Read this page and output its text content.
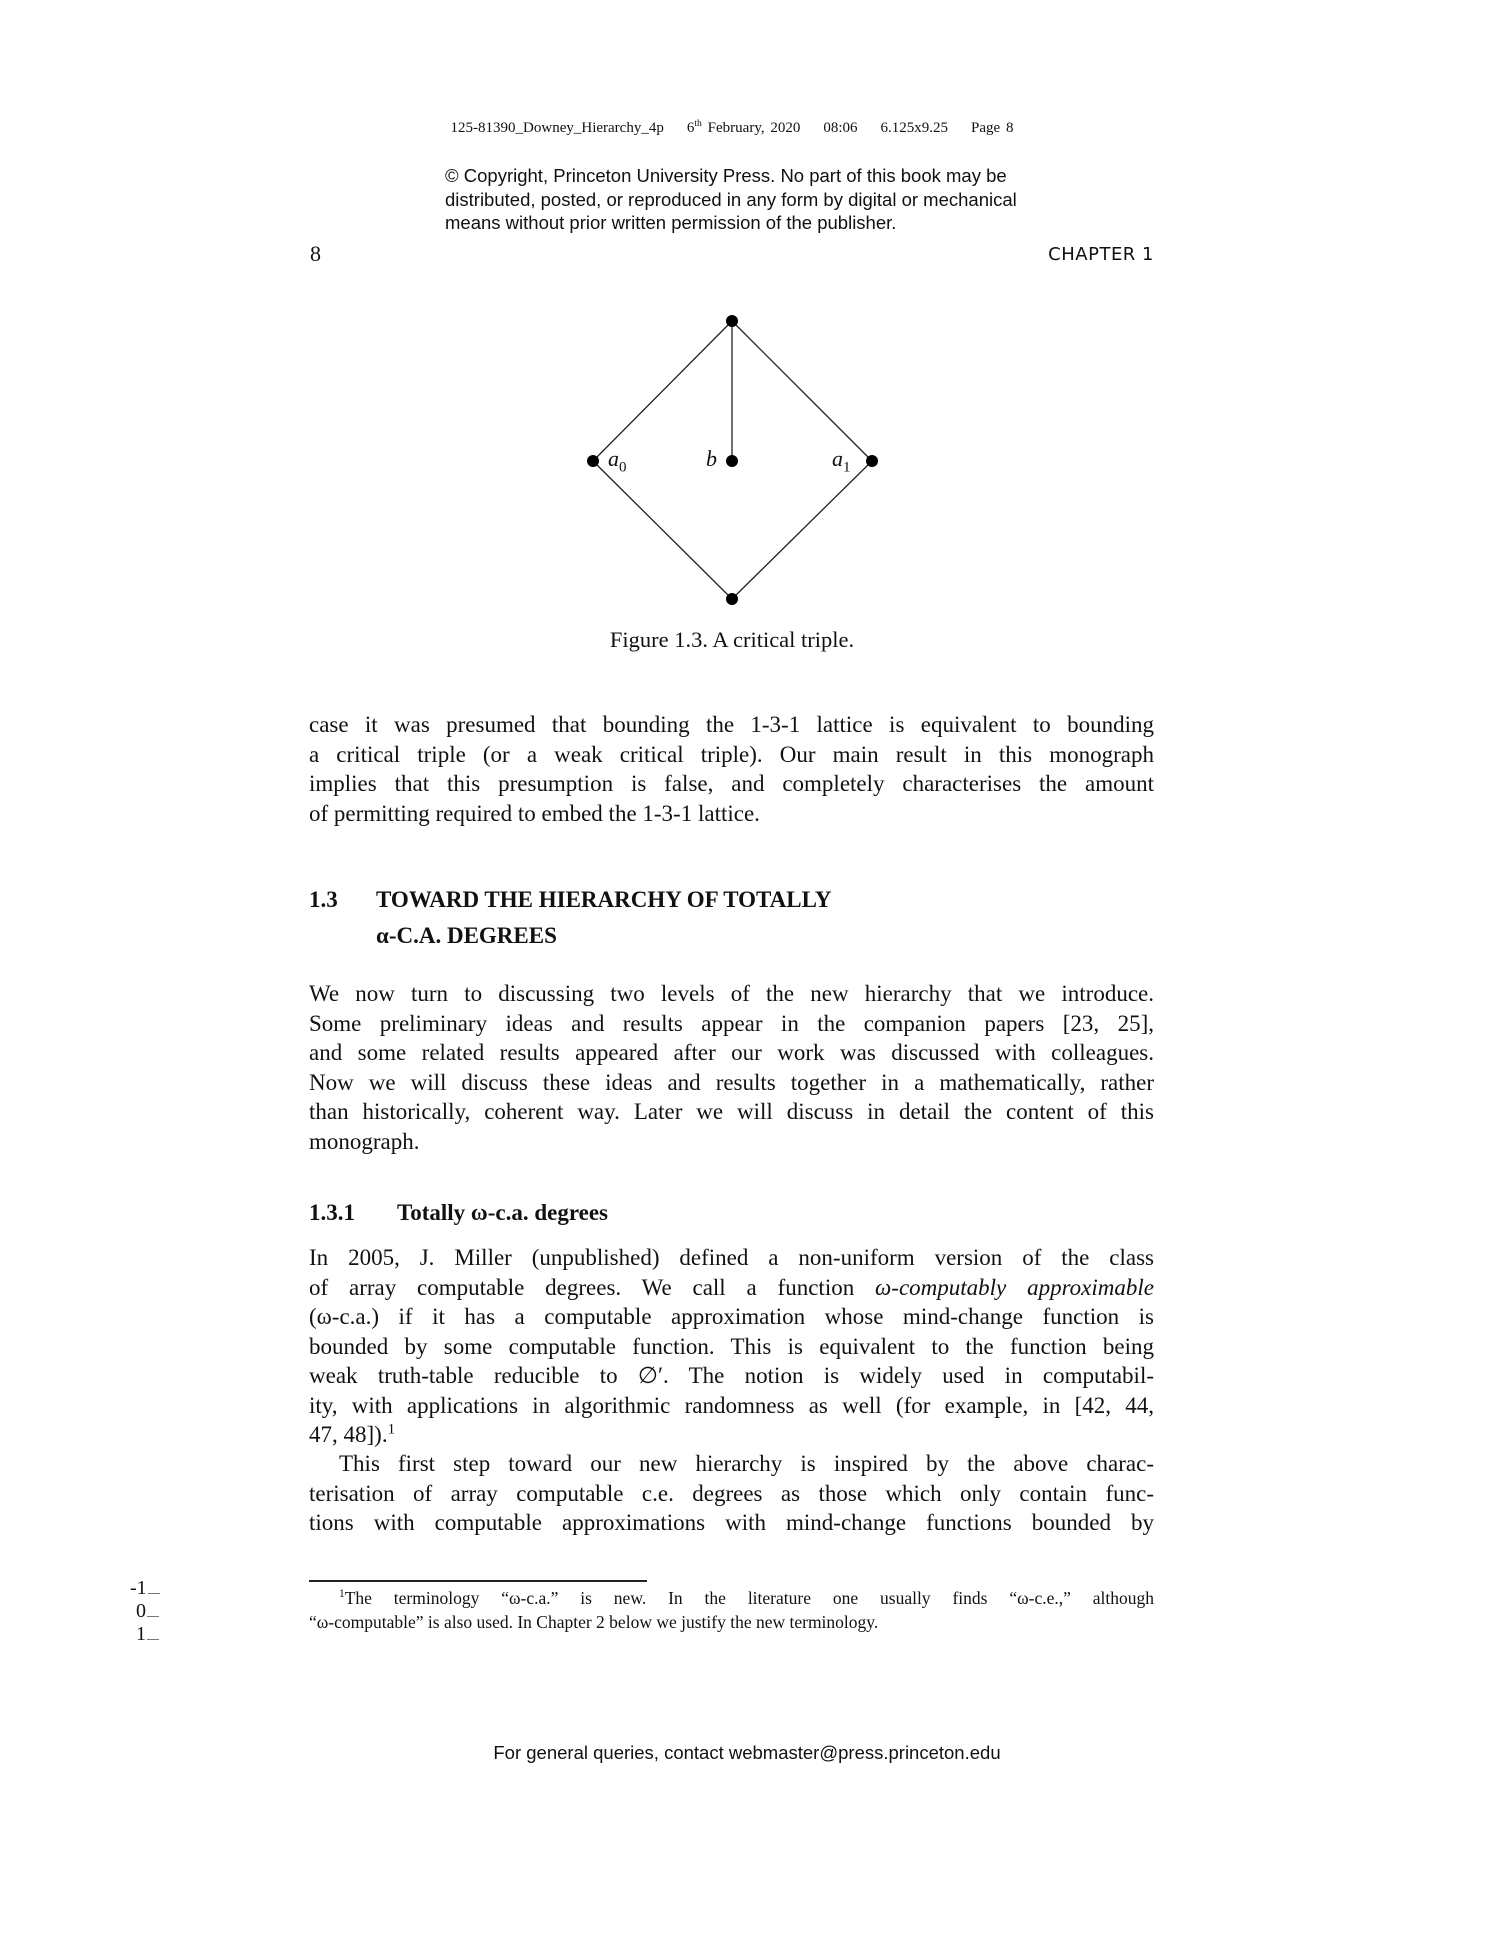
125-81390_Downey_Hierarchy_4p 6th February, 2020 08:06 6.125x9.25 Page 8
© Copyright, Princeton University Press. No part of this book may be
distributed, posted, or reproduced in any form by digital or mechanical
means without prior written permission of the publisher.
8	CHAPTER 1
$a_0$	b	$a_1$
Figure 1.3. A critical triple.
case it was presumed that bounding the 1-3-1 lattice is equivalent to bounding
a critical triple (or a weak critical triple). Our main result in this monograph
implies that this presumption is false, and completely characterises the amount
of permitting required to embed the 1-3-1 lattice.
1.3 TOWARD THE HIERARCHY OF TOTALLY
α-C.A. DEGREES
We now turn to discussing two levels of the new hierarchy that we introduce.
Some preliminary ideas and results appear in the companion papers [23, 25],
and some related results appeared after our work was discussed with colleagues.
Now we will discuss these ideas and results together in a mathematically, rather
than historically, coherent way. Later we will discuss in detail the content of this
monograph.
1.3.1 Totally ω-c.a. degrees
In 2005, J. Miller (unpublished) defined a non-uniform version of the class
of array computable degrees. We call a function ω-computably approximable
(ω-c.a.) if it has a computable approximation whose mind-change function is
bounded by some computable function. This is equivalent to the function being
weak truth-table reducible to ∅′. The notion is widely used in computabil-
ity, with applications in algorithmic randomness as well (for example, in [42, 44,
47, 48]).$^1$
This first step toward our new hierarchy is inspired by the above charac-
terisation of array computable c.e. degrees as those which only contain func-
tions with computable approximations with mind-change functions bounded by
$^1$The terminology “ω-c.a.” is new. In the literature one usually finds “ω-c.e.,” although
“ω-computable” is also used. In Chapter 2 below we justify the new terminology.
-1
0
1
For general queries, contact webmaster@press.princeton.edu
